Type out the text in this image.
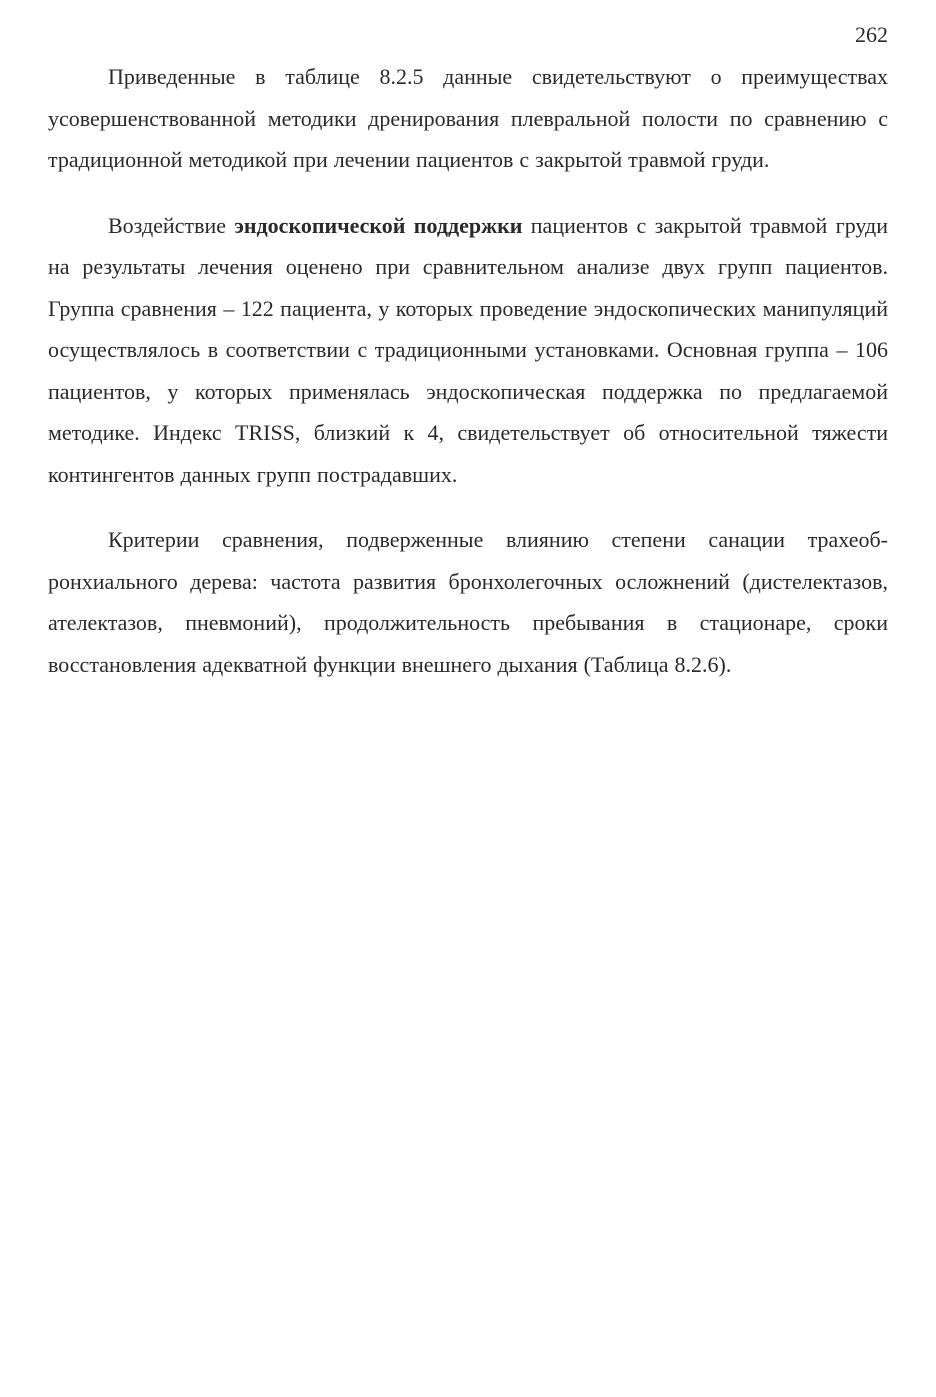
262

Приведенные в таблице 8.2.5 данные свидетельствуют о преимуществах усовершенствованной методики дренирования плевральной полости по сравнению с традиционной методикой при лечении пациентов с закрытой травмой груди.

Воздействие эндоскопической поддержки пациентов с закрытой травмой груди на результаты лечения оценено при сравнительном анализе двух групп пациентов. Группа сравнения – 122 пациента, у которых проведение эндоскопических манипуляций осуществлялось в соответствии с традиционными установками. Основная группа – 106 пациентов, у которых применялась эндоскопическая поддержка по предлагаемой методике. Индекс TRISS, близкий к 4, свидетельствует об относительной тяжести контингентов данных групп пострадавших.

Критерии сравнения, подверженные влиянию степени санации трахеобронхиального дерева: частота развития бронхолегочных осложнений (дистелектазов, ателектазов, пневмоний), продолжительность пребывания в стационаре, сроки восстановления адекватной функции внешнего дыхания (Таблица 8.2.6).
